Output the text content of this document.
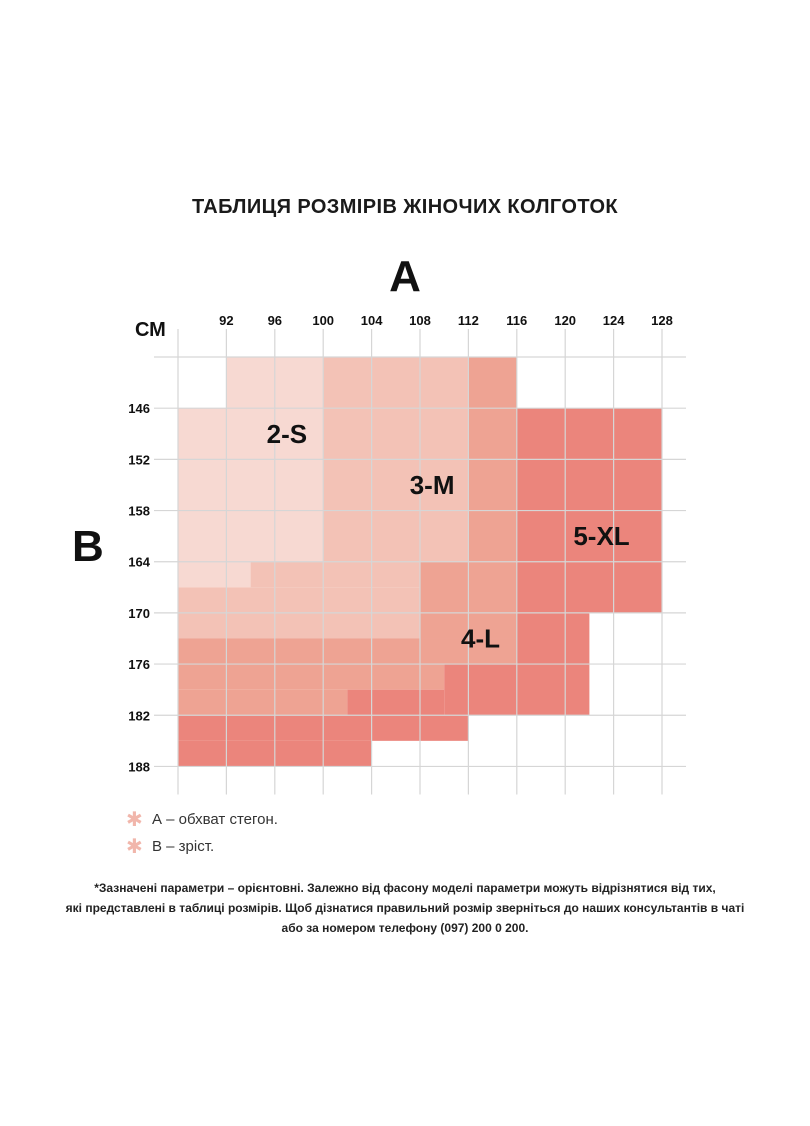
ТАБЛИЦЯ РОЗМІРІВ ЖІНОЧИХ КОЛГОТОК
A
B
СМ	92	96 100 104 108 112 116 120 124 128
146
152
158
164
170
176
182
188
2-S
3-M
4-L
5-XL
✱ А – обхват стегон.
✱ В – зріст.
*Зазначені параметри – орієнтовні. Залежно від фасону моделі параметри можуть відрізнятися від тих,
які представлені в таблиці розмірів. Щоб дізнатися правильний розмір зверніться до наших консультантів в чаті
або за номером телефону (097) 200 0 200.
